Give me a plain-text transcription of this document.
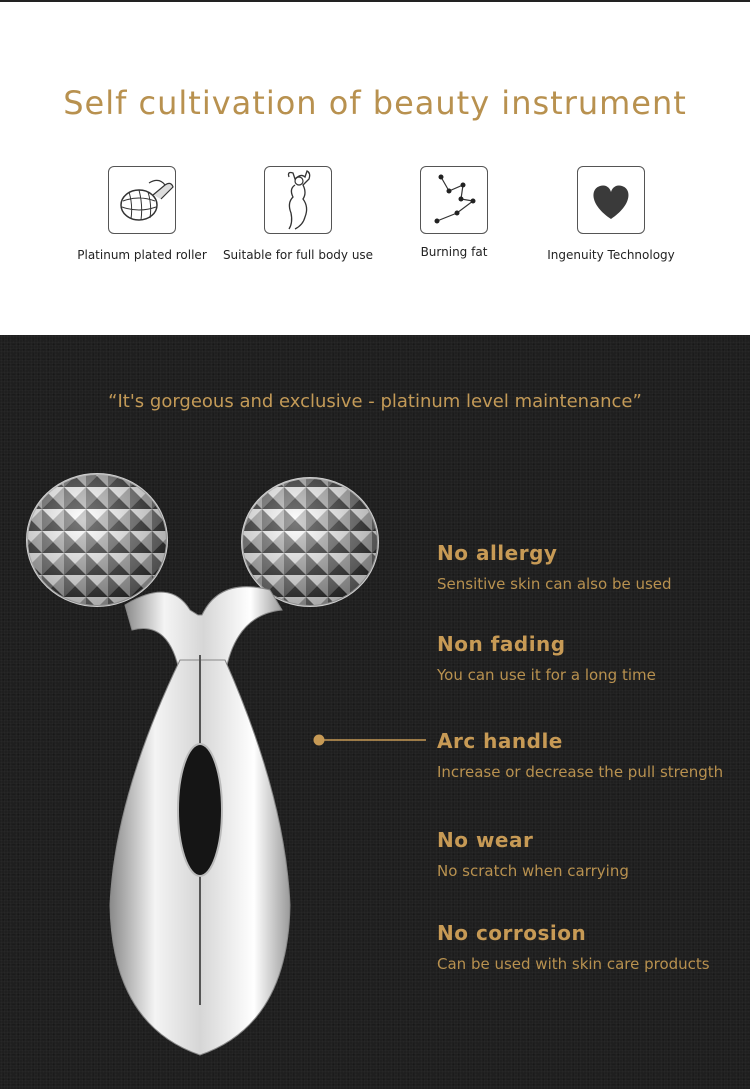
Self cultivation of beauty instrument
Platinum plated roller	Suitable for full body use	Burning fat	Ingenuity Technology
“It's gorgeous and exclusive - platinum level maintenance”
No allergy
Sensitive skin can also be used
Non fading
You can use it for a long time
Arc handle
Increase or decrease the pull strength
No wear
No scratch when carrying
No corrosion
Can be used with skin care products
